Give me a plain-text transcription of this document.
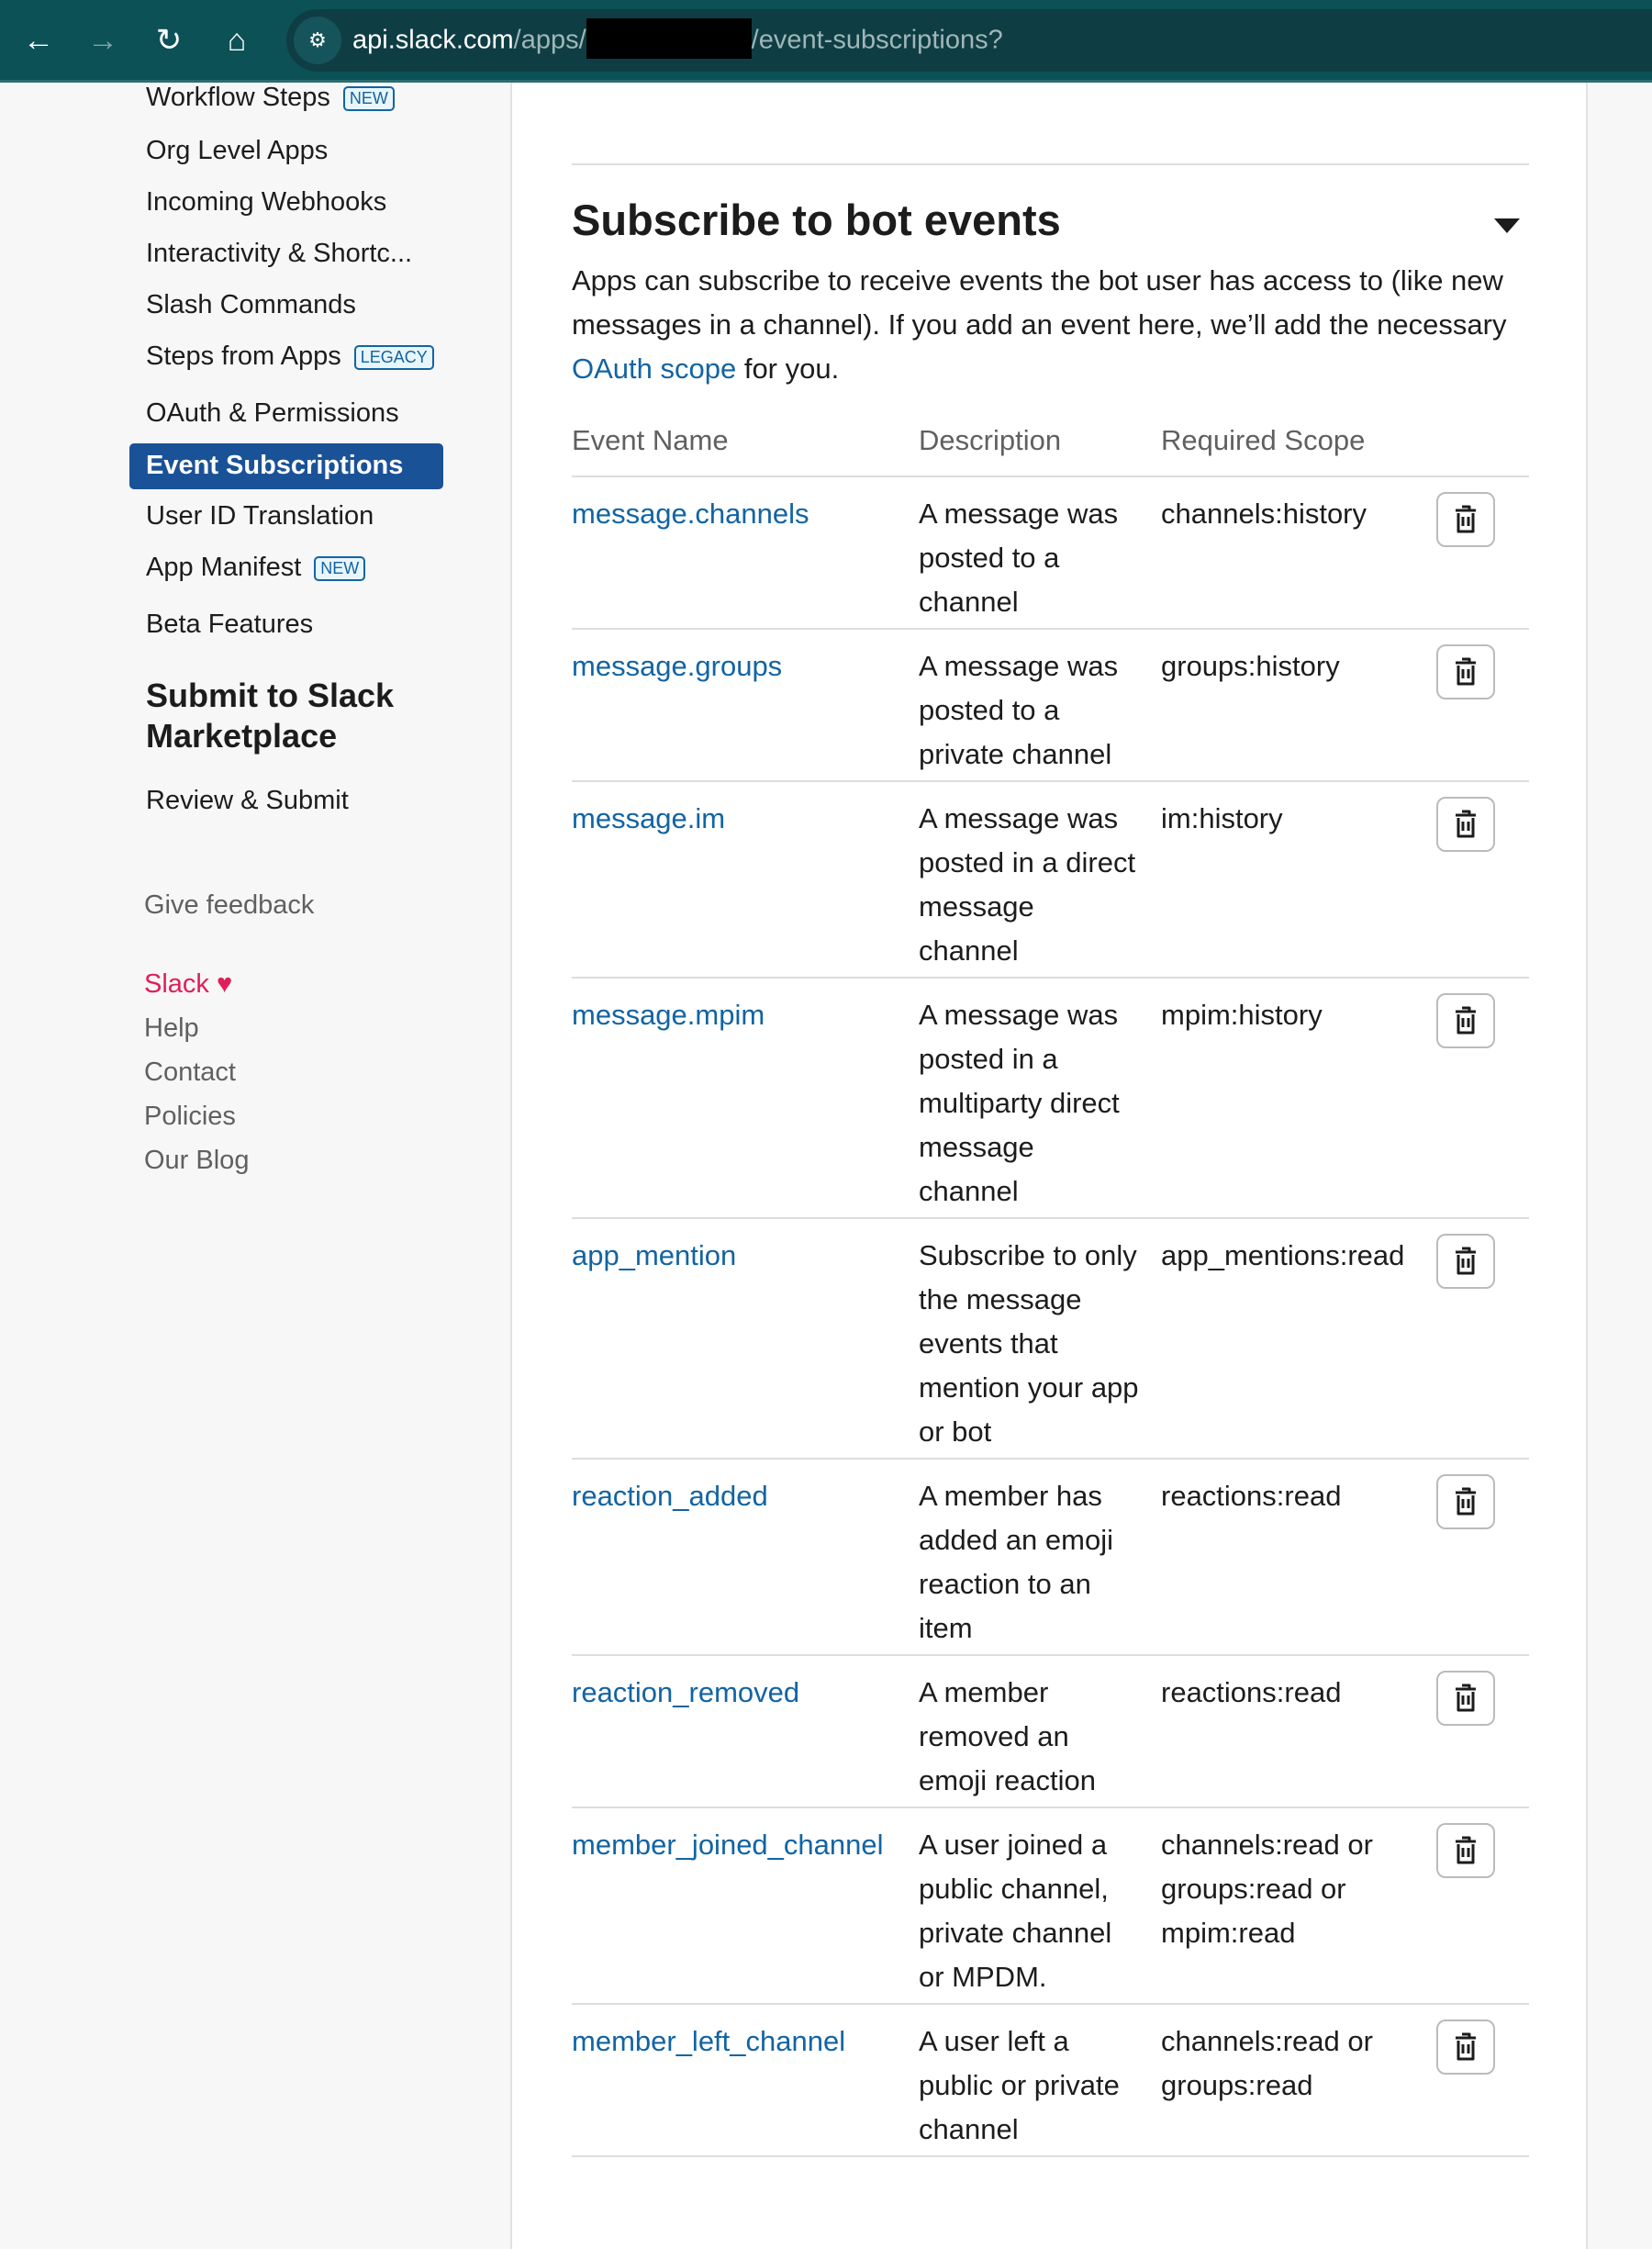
← → ↻	⌂	⚙ api.slack.com/apps/	/event-subscriptions?
Workflow Steps NEW
Org Level Apps
Incoming Webhooks
Interactivity & Shortc...
Slash Commands
Steps from Apps LEGACY
OAuth & Permissions
Event Subscriptions
User ID Translation
App Manifest NEW
Beta Features
Submit to Slack Marketplace
Review & Submit
Give feedback
Slack ♥
Help
Contact
Policies
Our Blog
Subscribe to bot events
Apps can subscribe to receive events the bot user has access to (like new messages in a channel). If you add an event here, we’ll add the necessary OAuth scope for you.
Event Name	Description	Required Scope	
message.channels	A message was posted to a channel	channels:history	

message.groups	A message was posted to a private channel	groups:history	

message.im	A message was posted in a direct message channel	im:history	

message.mpim	A message was posted in a multiparty direct message channel	mpim:history	

app_mention	Subscribe to only the message events that mention your app or bot	app_mentions:read	

reaction_added	A member has added an emoji reaction to an item	reactions:read	

reaction_removed	A member removed an emoji reaction	reactions:read	

member_joined_channel	A user joined a public channel, private channel or MPDM.	channels:read or groups:read or mpim:read	

member_left_channel	A user left a public or private channel	channels:read or groups:read	
